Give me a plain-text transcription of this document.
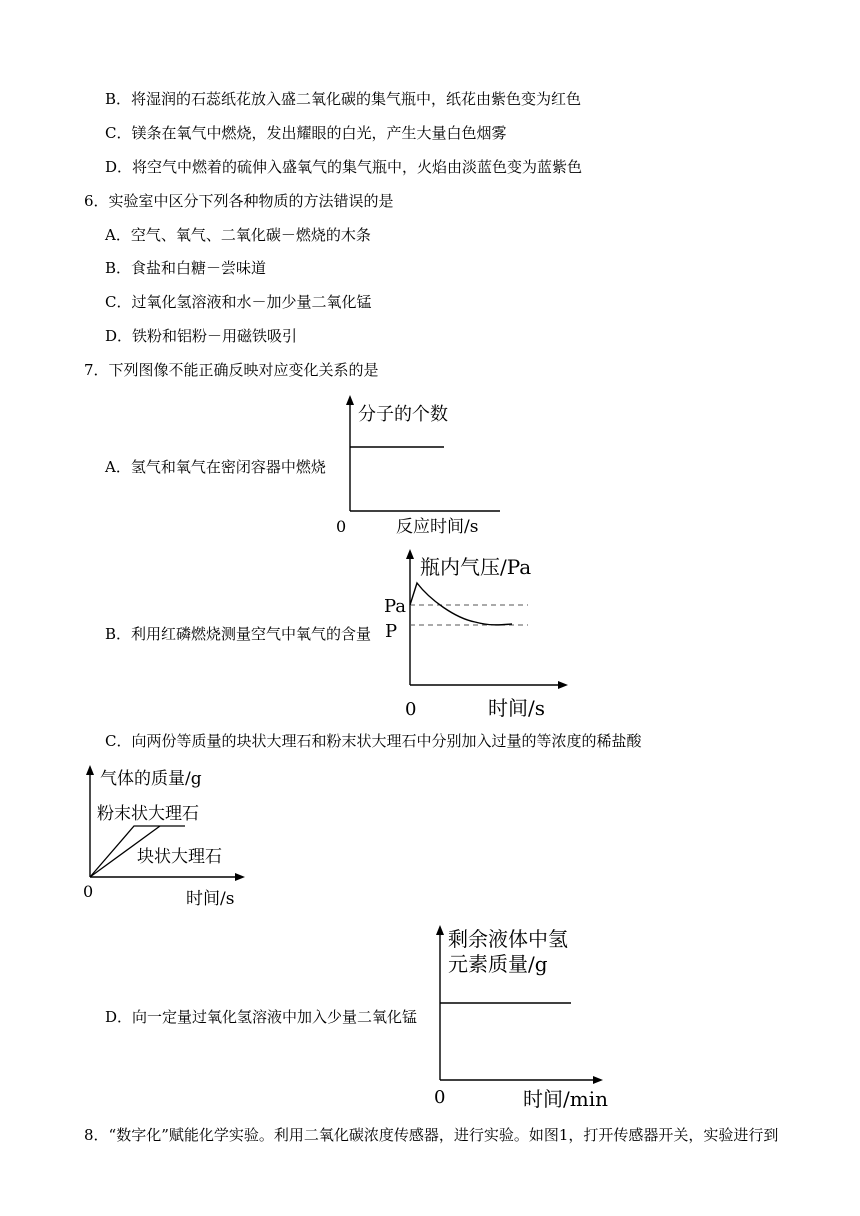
B．将湿润的石蕊纸花放入盛二氧化碳的集气瓶中，纸花由紫色变为红色
C．镁条在氧气中燃烧，发出耀眼的白光，产生大量白色烟雾
D．将空气中燃着的硫伸入盛氧气的集气瓶中，火焰由淡蓝色变为蓝紫色
6．实验室中区分下列各种物质的方法错误的是
A．空气、氧气、二氧化碳－燃烧的木条
B．食盐和白糖－尝味道
C．过氧化氢溶液和水－加少量二氧化锰
D．铁粉和铝粉－用磁铁吸引
7．下列图像不能正确反映对应变化关系的是
A．氢气和氧气在密闭容器中燃烧
分子的个数
0	反应时间/s
瓶内气压/Pa
Pa
P
0	时间/s
气体的质量/g
粉末状大理石
块状大理石
0	时间/s
剩余液体中氢
元素质量/g
0	时间/min
B．利用红磷燃烧测量空气中氧气的含量
C．向两份等质量的块状大理石和粉末状大理石中分别加入过量的等浓度的稀盐酸
D．向一定量过氧化氢溶液中加入少量二氧化锰
8．“数字化”赋能化学实验。利用二氧化碳浓度传感器，进行实验。如图1，打开传感器开关，实验进行到
